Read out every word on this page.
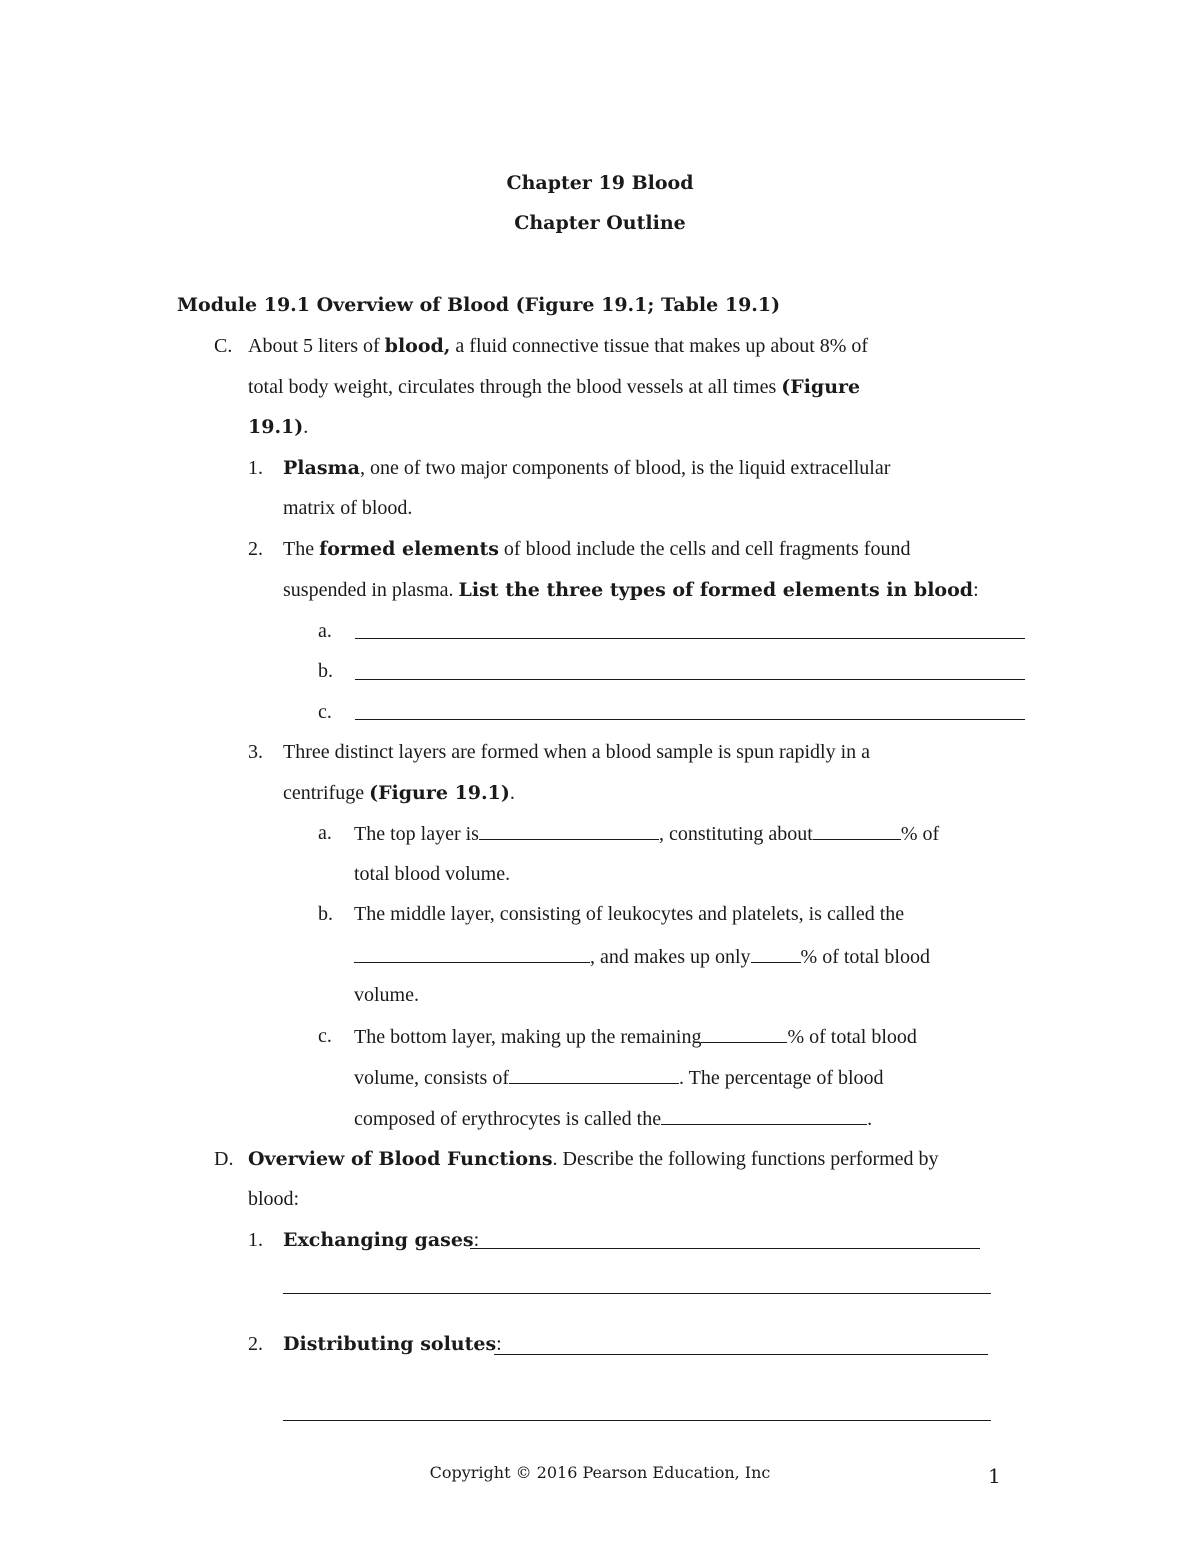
Chapter 19 Blood
Chapter Outline
Module 19.1 Overview of Blood (Figure 19.1; Table 19.1)
C. About 5 liters of blood, a fluid connective tissue that makes up about 8% of
total body weight, circulates through the blood vessels at all times (Figure
19.1).
1. Plasma, one of two major components of blood, is the liquid extracellular
matrix of blood.
2. The formed elements of blood include the cells and cell fragments found
suspended in plasma. List the three types of formed elements in blood:
a.
b.
c.
3. Three distinct layers are formed when a blood sample is spun rapidly in a
centrifuge (Figure 19.1).
a. The top layer is	, constituting about	% of
total blood volume.
b. The middle layer, consisting of leukocytes and platelets, is called the
, and makes up only	% of total blood
volume.
c. The bottom layer, making up the remaining	% of total blood
volume, consists of	. The percentage of blood
composed of erythrocytes is called the	.
D. Overview of Blood Functions. Describe the following functions performed by
blood:
1. Exchanging gases:
2. Distributing solutes:
Copyright © 2016 Pearson Education, Inc	1
